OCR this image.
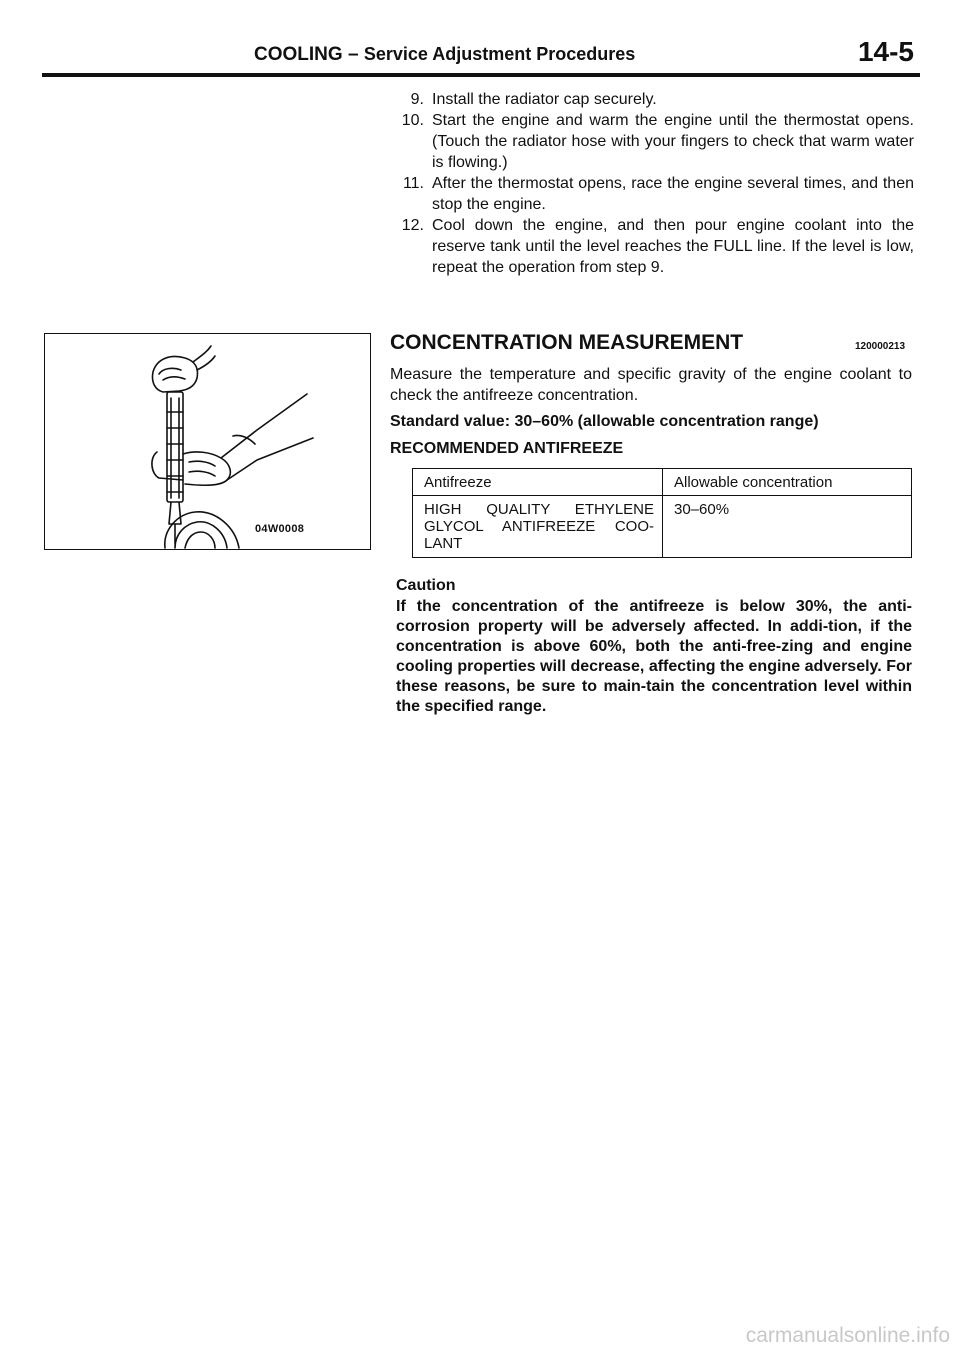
COOLING – Service Adjustment Procedures	14-5
9. Install the radiator cap securely.
10. Start the engine and warm the engine until the thermostat opens. (Touch the radiator hose with your fingers to check that warm water is flowing.)
11. After the thermostat opens, race the engine several times, and then stop the engine.
12. Cool down the engine, and then pour engine coolant into the reserve tank until the level reaches the FULL line. If the level is low, repeat the operation from step 9.
04W0008
CONCENTRATION MEASUREMENT	120000213
Measure the temperature and specific gravity of the engine coolant to check the antifreeze concentration.
Standard value: 30–60% (allowable concentration range)
RECOMMENDED ANTIFREEZE
Antifreeze	Allowable concentration

HIGH QUALITY ETHYLENE GLYCOL ANTIFREEZE COO-LANT	30–60%
Caution
If the concentration of the antifreeze is below 30%, the anti-corrosion property will be adversely affected. In addi-tion, if the concentration is above 60%, both the anti-free-zing and engine cooling properties will decrease, affecting the engine adversely. For these reasons, be sure to main-tain the concentration level within the specified range.
carmanualsonline.info
